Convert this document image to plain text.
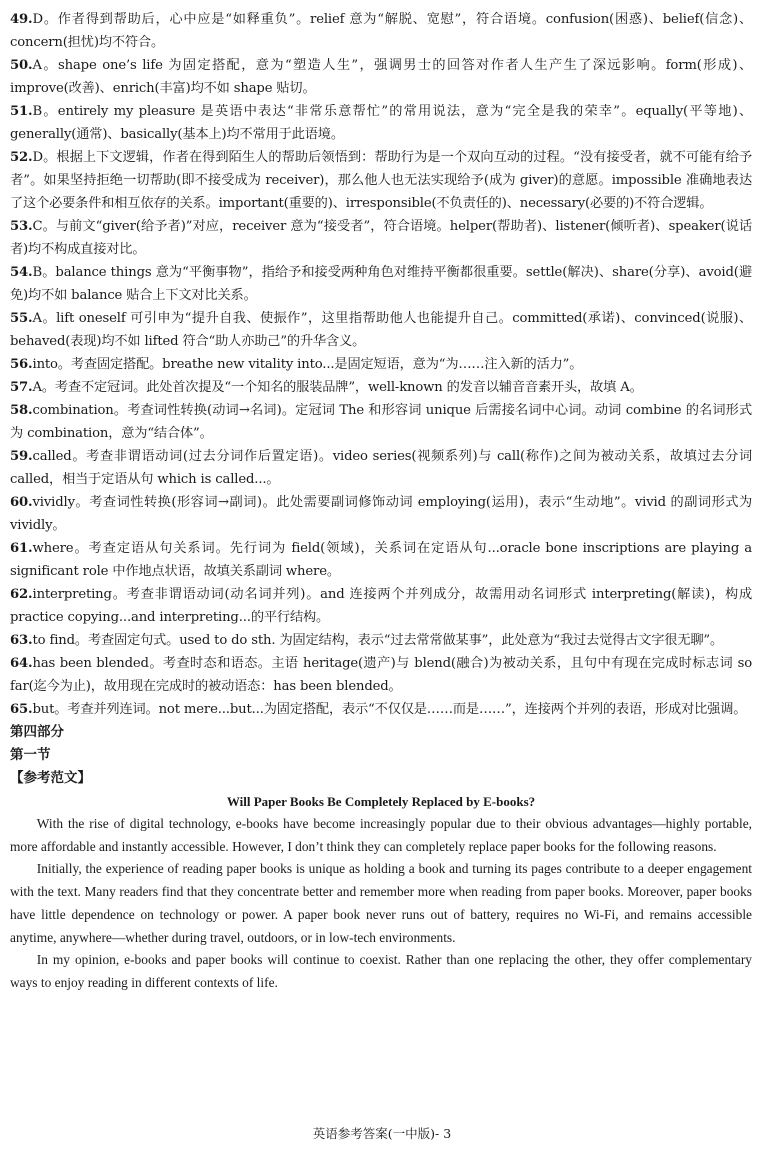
49.D。作者得到帮助后，心中应是“如释重负”。relief 意为“解脱、宽慰”，符合语境。confusion(困惑)、belief(信念)、concern(担忧)均不符合。

50.A。shape one’s life 为固定搭配，意为“塑造人生”，强调男士的回答对作者人生产生了深远影响。form(形成)、improve(改善)、enrich(丰富)均不如 shape 贴切。

51.B。entirely my pleasure 是英语中表达“非常乐意帮忙”的常用说法，意为“完全是我的荣幸”。equally(平等地)、generally(通常)、basically(基本上)均不常用于此语境。

52.D。根据上下文逻辑，作者在得到陌生人的帮助后领悟到：帮助行为是一个双向互动的过程。“没有接受者，就不可能有给予者”。如果坚持拒绝一切帮助(即不接受成为 receiver)，那么他人也无法实现给予(成为 giver)的意愿。impossible 准确地表达了这个必要条件和相互依存的关系。important(重要的)、irresponsible(不负责任的)、necessary(必要的)不符合逻辑。

53.C。与前文“giver(给予者)”对应，receiver 意为“接受者”，符合语境。helper(帮助者)、listener(倾听者)、speaker(说话者)均不构成直接对比。

54.B。balance things 意为“平衡事物”，指给予和接受两种角色对维持平衡都很重要。settle(解决)、share(分享)、avoid(避免)均不如 balance 贴合上下文对比关系。

55.A。lift oneself 可引申为“提升自我、使振作”，这里指帮助他人也能提升自己。committed(承诺)、convinced(说服)、behaved(表现)均不如 lifted 符合“助人亦助己”的升华含义。

56.into。考查固定搭配。breathe new vitality into...是固定短语，意为“为……注入新的活力”。

57.A。考查不定冠词。此处首次提及“一个知名的服装品牌”，well-known 的发音以辅音音素开头，故填 A。

58.combination。考查词性转换(动词→名词)。定冠词 The 和形容词 unique 后需接名词中心词。动词 combine 的名词形式为 combination，意为“结合体”。

59.called。考查非谓语动词(过去分词作后置定语)。video series(视频系列)与 call(称作)之间为被动关系，故填过去分词 called，相当于定语从句 which is called...。

60.vividly。考查词性转换(形容词→副词)。此处需要副词修饰动词 employing(运用)，表示“生动地”。vivid 的副词形式为 vividly。

61.where。考查定语从句关系词。先行词为 field(领域)，关系词在定语从句...oracle bone inscriptions are playing a significant role 中作地点状语，故填关系副词 where。

62.interpreting。考查非谓语动词(动名词并列)。and 连接两个并列成分，故需用动名词形式 interpreting(解读)，构成 practice copying...and interpreting...的平行结构。

63.to find。考查固定句式。used to do sth. 为固定结构，表示“过去常常做某事”，此处意为“我过去觉得古文字很无聊”。

64.has been blended。考查时态和语态。主语 heritage(遗产)与 blend(融合)为被动关系，且句中有现在完成时标志词 so far(迄今为止)，故用现在完成时的被动语态：has been blended。

65.but。考查并列连词。not mere...but...为固定搭配，表示“不仅仅是……而是……”，连接两个并列的表语，形成对比强调。

第四部分

第一节

【参考范文】

Will Paper Books Be Completely Replaced by E-books?

With the rise of digital technology, e-books have become increasingly popular due to their obvious advantages—highly portable, more affordable and instantly accessible. However, I don’t think they can completely replace paper books for the following reasons.

Initially, the experience of reading paper books is unique as holding a book and turning its pages contribute to a deeper engagement with the text. Many readers find that they concentrate better and remember more when reading from paper books. Moreover, paper books have little dependence on technology or power. A paper book never runs out of battery, requires no Wi-Fi, and remains accessible anytime, anywhere—whether during travel, outdoors, or in low-tech environments.

In my opinion, e-books and paper books will continue to coexist. Rather than one replacing the other, they offer complementary ways to enjoy reading in different contexts of life.

英语参考答案(一中版)- 3
